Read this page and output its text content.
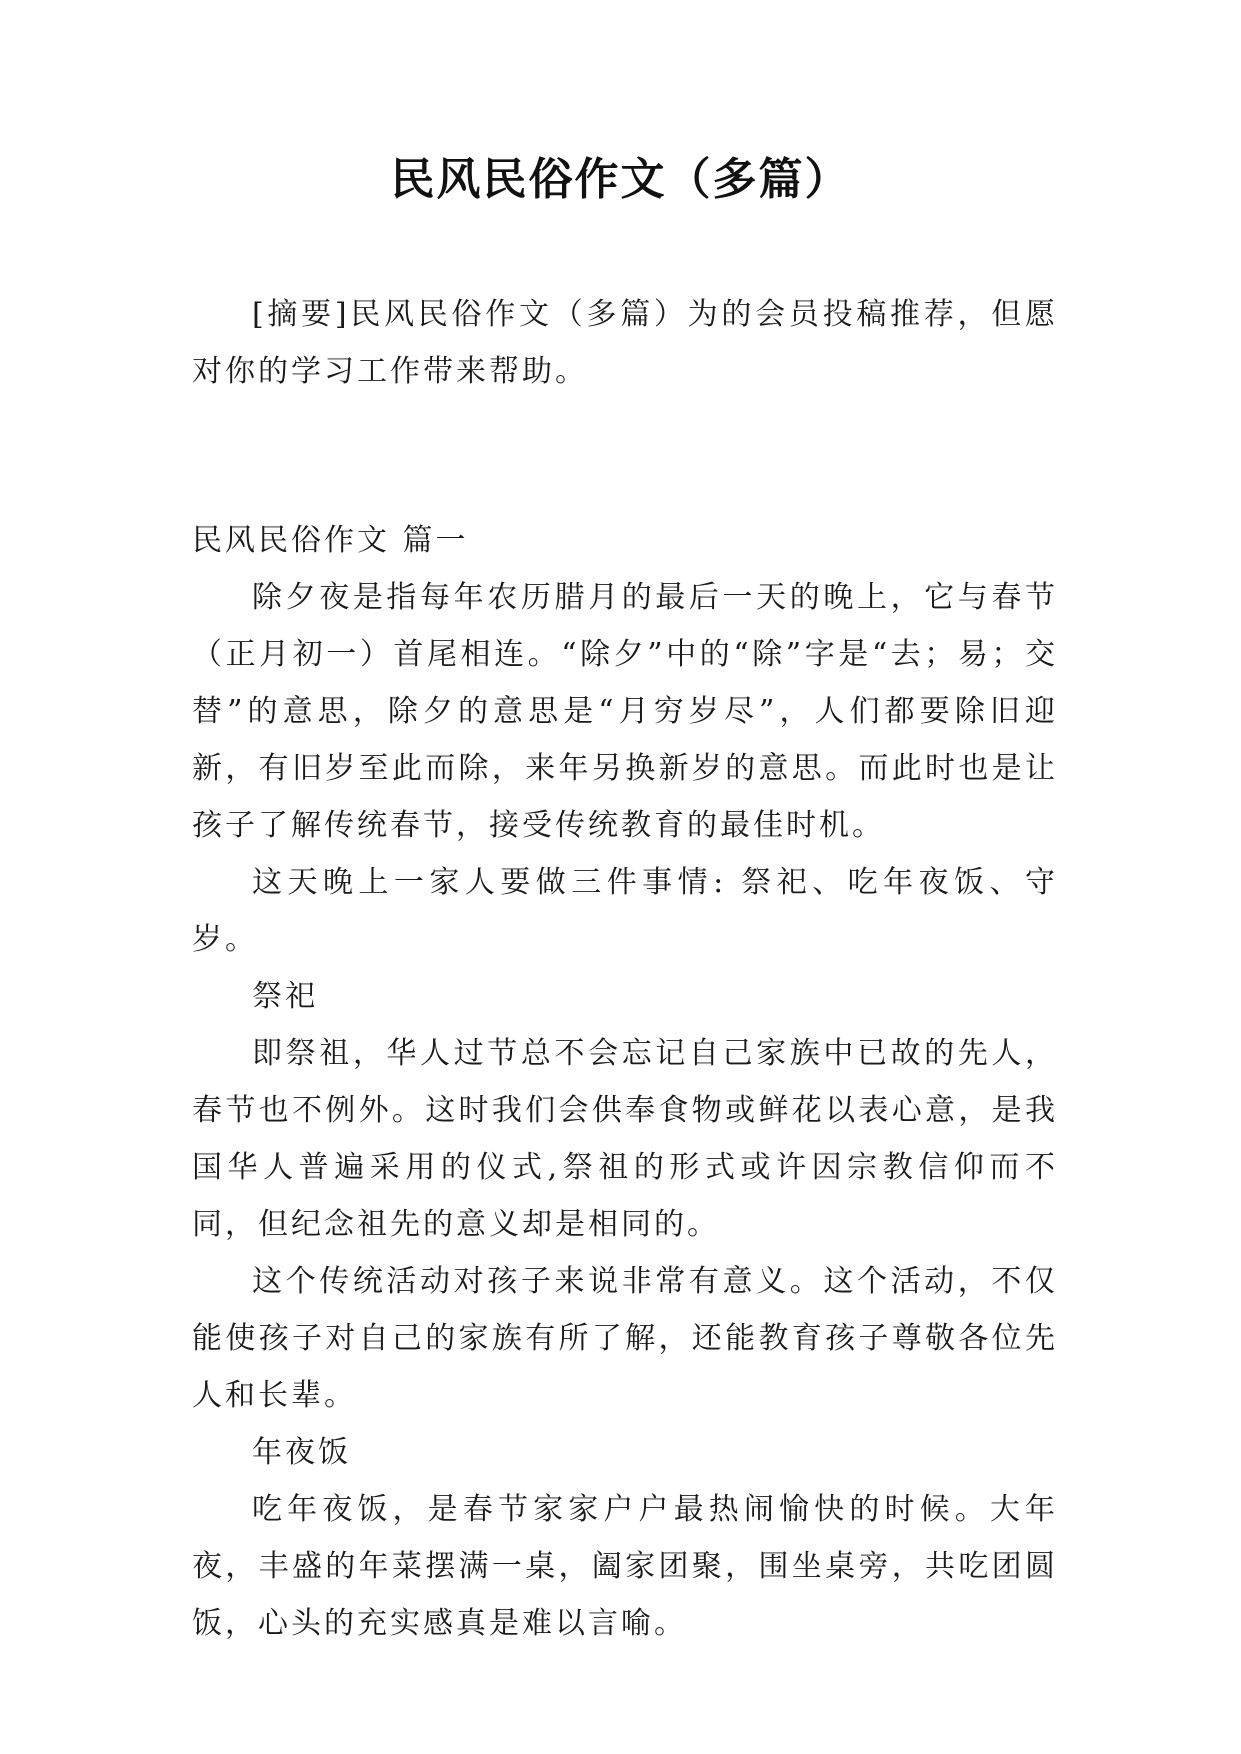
民风民俗作文（多篇）

[摘要]民风民俗作文（多篇）为的会员投稿推荐，但愿对你的学习工作带来帮助。

民风民俗作文 篇一

除夕夜是指每年农历腊月的最后一天的晚上，它与春节（正月初一）首尾相连。“除夕”中的“除”字是“去；易；交替”的意思，除夕的意思是“月穷岁尽”，人们都要除旧迎新，有旧岁至此而除，来年另换新岁的意思。而此时也是让孩子了解传统春节，接受传统教育的最佳时机。

这天晚上一家人要做三件事情: 祭祀、吃年夜饭、守岁。

祭祀

即祭祖，华人过节总不会忘记自己家族中已故的先人，春节也不例外。这时我们会供奉食物或鲜花以表心意，是我国华人普遍采用的仪式,祭祖的形式或许因宗教信仰而不同，但纪念祖先的意义却是相同的。

这个传统活动对孩子来说非常有意义。这个活动，不仅能使孩子对自己的家族有所了解，还能教育孩子尊敬各位先人和长辈。

年夜饭

吃年夜饭，是春节家家户户最热闹愉快的时候。大年夜，丰盛的年菜摆满一桌，阖家团聚，围坐桌旁，共吃团圆饭，心头的充实感真是难以言喻。
